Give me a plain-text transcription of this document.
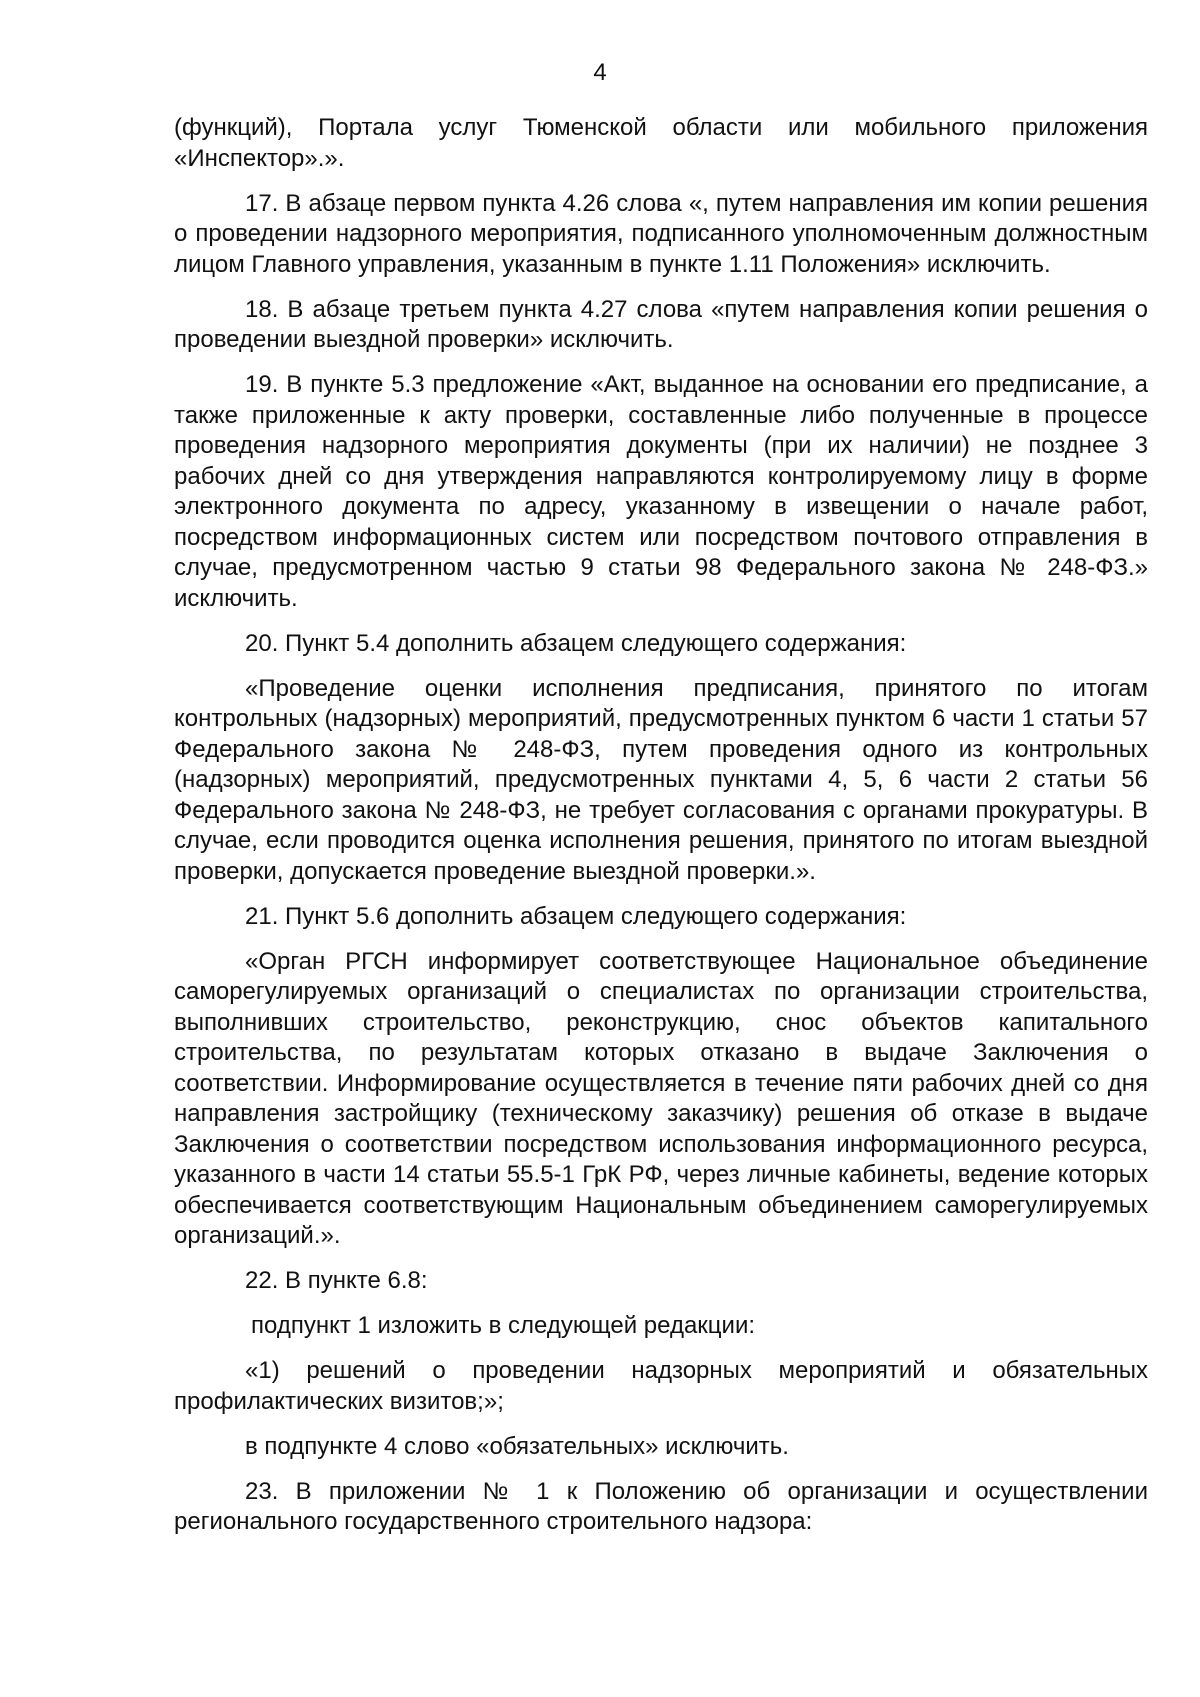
4

(функций), Портала услуг Тюменской области или мобильного приложения «Инспектор».».

17. В абзаце первом пункта 4.26 слова «, путем направления им копии решения о проведении надзорного мероприятия, подписанного уполномоченным должностным лицом Главного управления, указанным в пункте 1.11 Положения» исключить.

18. В абзаце третьем пункта 4.27 слова «путем направления копии решения о проведении выездной проверки» исключить.

19. В пункте 5.3 предложение «Акт, выданное на основании его предписание, а также приложенные к акту проверки, составленные либо полученные в процессе проведения надзорного мероприятия документы (при их наличии) не позднее 3 рабочих дней со дня утверждения направляются контролируемому лицу в форме электронного документа по адресу, указанному в извещении о начале работ, посредством информационных систем или посредством почтового отправления в случае, предусмотренном частью 9 статьи 98 Федерального закона № 248-ФЗ.» исключить.

20. Пункт 5.4 дополнить абзацем следующего содержания:

«Проведение оценки исполнения предписания, принятого по итогам контрольных (надзорных) мероприятий, предусмотренных пунктом 6 части 1 статьи 57 Федерального закона № 248-ФЗ, путем проведения одного из контрольных (надзорных) мероприятий, предусмотренных пунктами 4, 5, 6 части 2 статьи 56 Федерального закона № 248-ФЗ, не требует согласования с органами прокуратуры. В случае, если проводится оценка исполнения решения, принятого по итогам выездной проверки, допускается проведение выездной проверки.».

21. Пункт 5.6 дополнить абзацем следующего содержания:

«Орган РГСН информирует соответствующее Национальное объединение саморегулируемых организаций о специалистах по организации строительства, выполнивших строительство, реконструкцию, снос объектов капитального строительства, по результатам которых отказано в выдаче Заключения о соответствии. Информирование осуществляется в течение пяти рабочих дней со дня направления застройщику (техническому заказчику) решения об отказе в выдаче Заключения о соответствии посредством использования информационного ресурса, указанного в части 14 статьи 55.5-1 ГрК РФ, через личные кабинеты, ведение которых обеспечивается соответствующим Национальным объединением саморегулируемых организаций.».

22. В пункте 6.8:

подпункт 1 изложить в следующей редакции:

«1) решений о проведении надзорных мероприятий и обязательных профилактических визитов;»;

в подпункте 4 слово «обязательных» исключить.

23. В приложении № 1 к Положению об организации и осуществлении регионального государственного строительного надзора:
